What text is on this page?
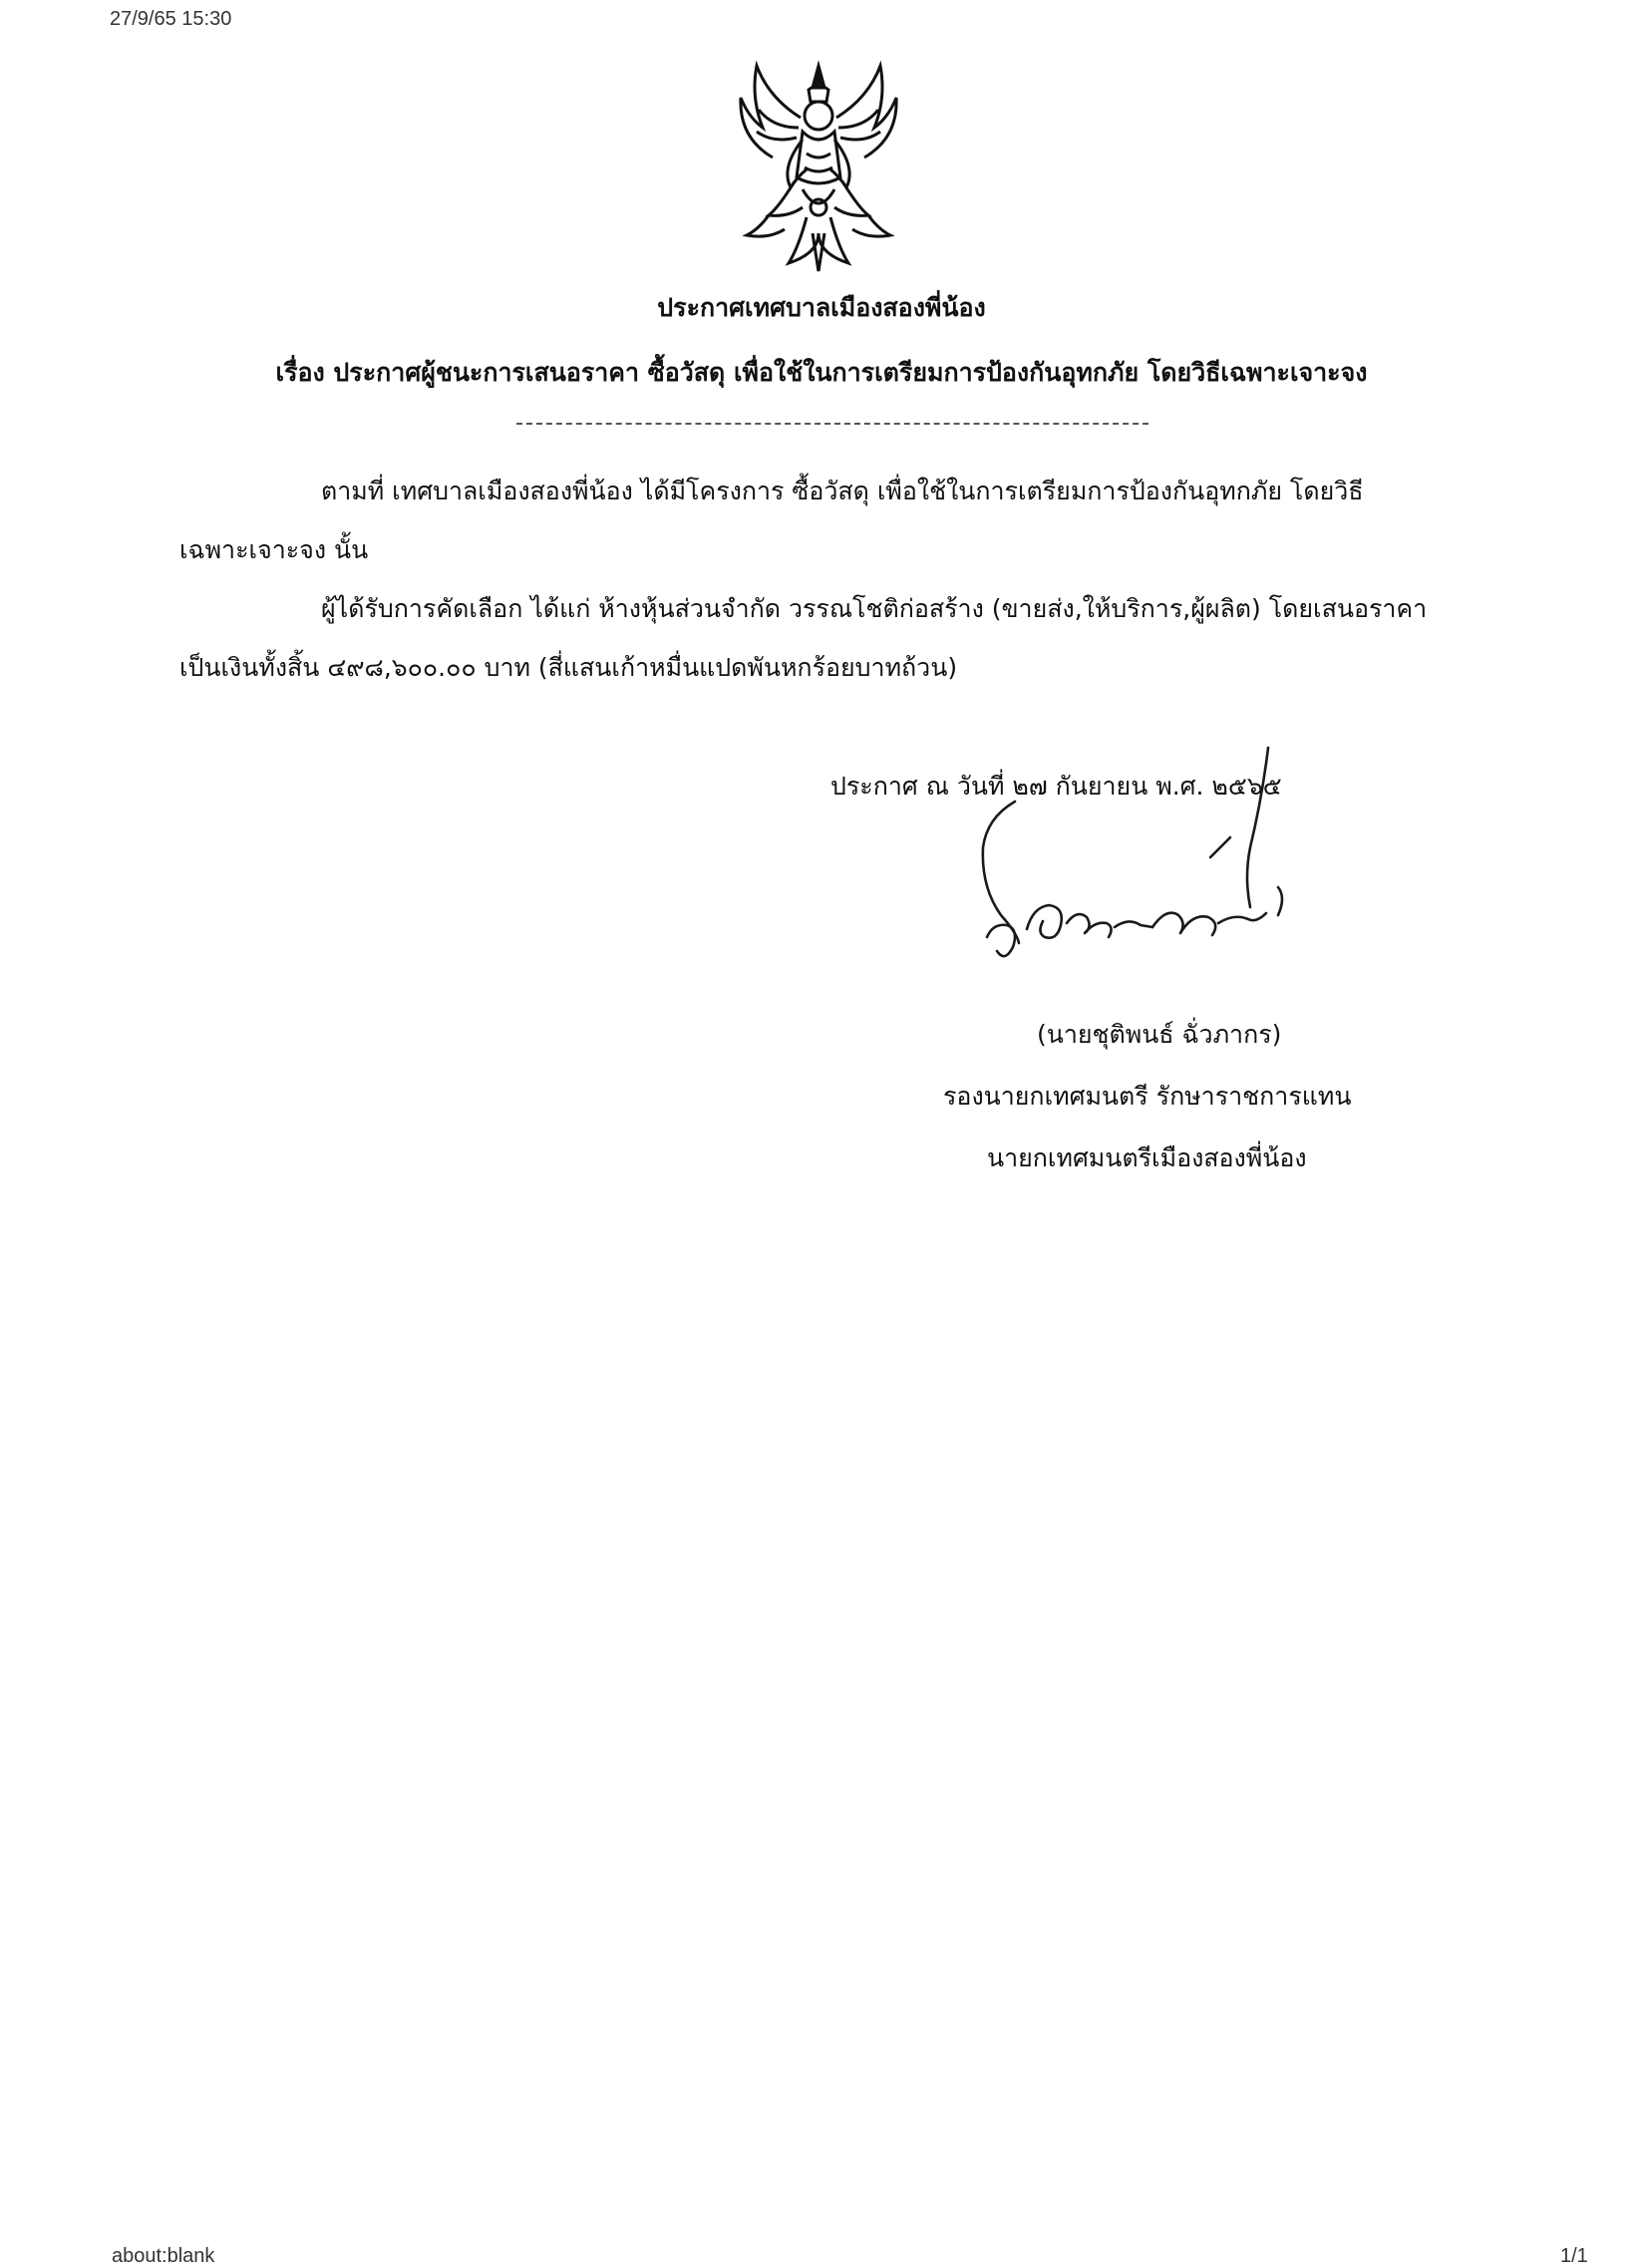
27/9/65 15:30
ประกาศเทศบาลเมืองสองพี่น้อง
เรื่อง ประกาศผู้ชนะการเสนอราคา ซื้อวัสดุ เพื่อใช้ในการเตรียมการป้องกันอุทกภัย โดยวิธีเฉพาะเจาะจง
ตามที่ เทศบาลเมืองสองพี่น้อง ได้มีโครงการ ซื้อวัสดุ เพื่อใช้ในการเตรียมการป้องกันอุทกภัย โดยวิธี
เฉพาะเจาะจง นั้น
ผู้ได้รับการคัดเลือก ได้แก่ ห้างหุ้นส่วนจำกัด วรรณโชติก่อสร้าง (ขายส่ง,ให้บริการ,ผู้ผลิต) โดยเสนอราคา
เป็นเงินทั้งสิ้น ๔๙๘,๖๐๐.๐๐ บาท (สี่แสนเก้าหมื่นแปดพันหกร้อยบาทถ้วน)
ประกาศ ณ วันที่ ๒๗ กันยายน พ.ศ. ๒๕๖๕
(นายชุติพนธ์ ฉั่วภากร)
รองนายกเทศมนตรี รักษาราชการแทน
นายกเทศมนตรีเมืองสองพี่น้อง
about:blank	1/1
